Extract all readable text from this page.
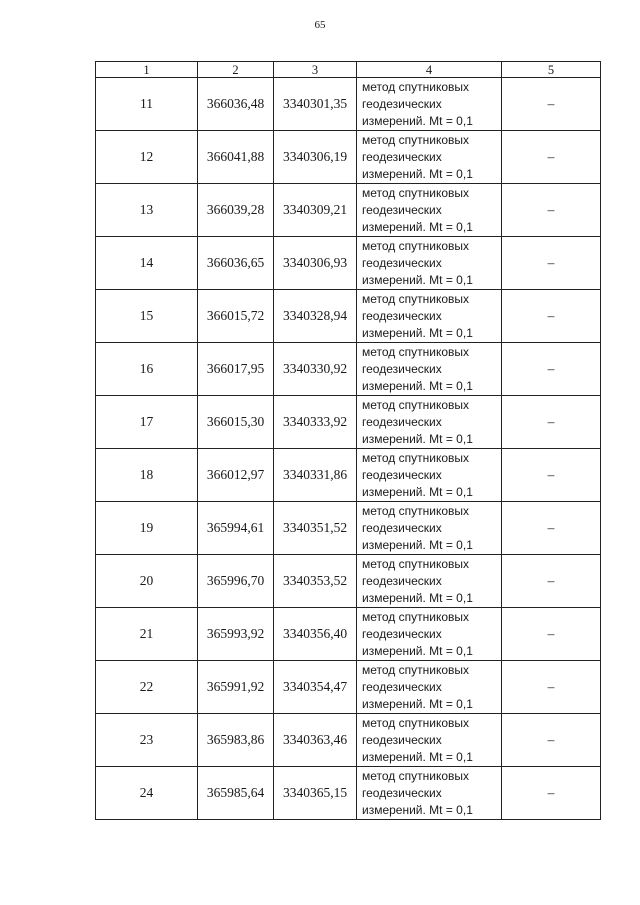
65
1	2	3	4	5
11	366036,48	3340301,35	метод спутниковых
геодезических
измерений. Mt = 0,1	–
12	366041,88	3340306,19	метод спутниковых
геодезических
измерений. Mt = 0,1	–
13	366039,28	3340309,21	метод спутниковых
геодезических
измерений. Mt = 0,1	–
14	366036,65	3340306,93	метод спутниковых
геодезических
измерений. Mt = 0,1	–
15	366015,72	3340328,94	метод спутниковых
геодезических
измерений. Mt = 0,1	–
16	366017,95	3340330,92	метод спутниковых
геодезических
измерений. Mt = 0,1	–
17	366015,30	3340333,92	метод спутниковых
геодезических
измерений. Mt = 0,1	–
18	366012,97	3340331,86	метод спутниковых
геодезических
измерений. Mt = 0,1	–
19	365994,61	3340351,52	метод спутниковых
геодезических
измерений. Mt = 0,1	–
20	365996,70	3340353,52	метод спутниковых
геодезических
измерений. Mt = 0,1	–
21	365993,92	3340356,40	метод спутниковых
геодезических
измерений. Mt = 0,1	–
22	365991,92	3340354,47	метод спутниковых
геодезических
измерений. Mt = 0,1	–
23	365983,86	3340363,46	метод спутниковых
геодезических
измерений. Mt = 0,1	–
24	365985,64	3340365,15	метод спутниковых
геодезических
измерений. Mt = 0,1	–
